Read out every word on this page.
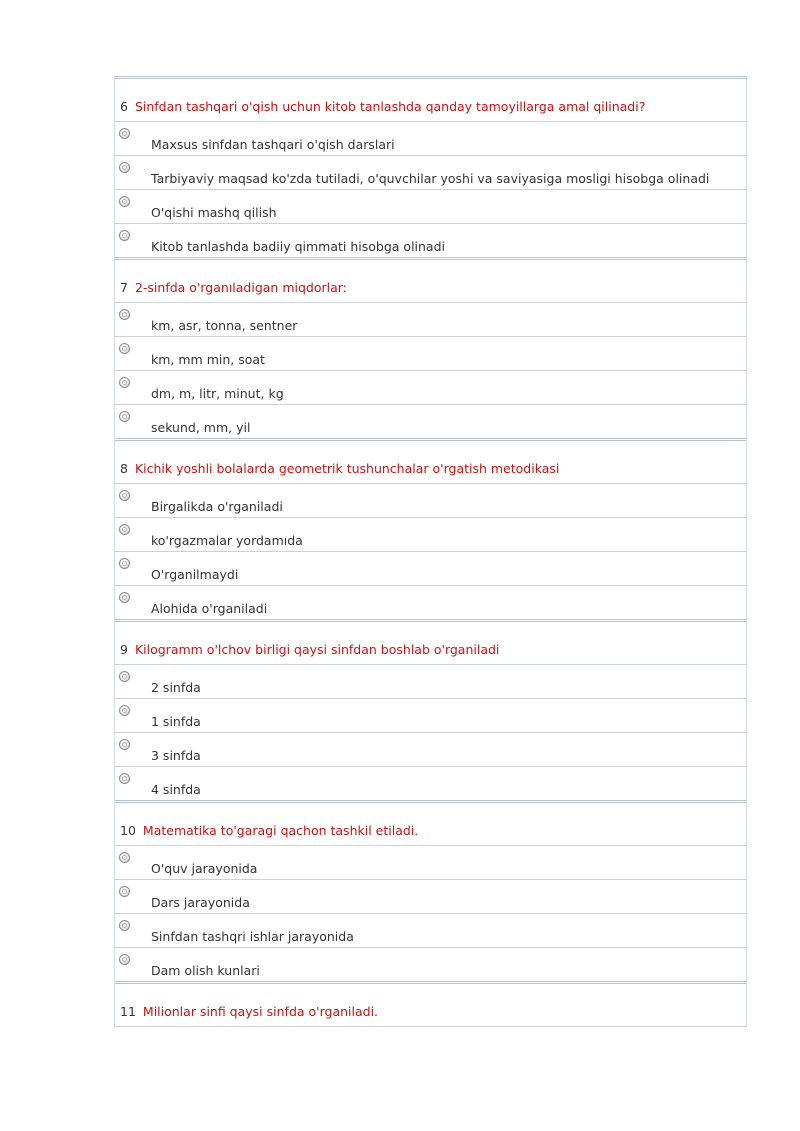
6 Sinfdan tashqari o'qish uchun kitob tanlashda qanday tamoyillarga amal qilinadi?
Maxsus sinfdan tashqari o'qish darslari
Tarbiyaviy maqsad ko'zda tutiladi, o'quvchilar yoshi va saviyasiga mosligi hisobga olinadi
O'qishi mashq qilish
Kitob tanlashda badiiy qimmati hisobga olinadi
7 2-sinfda o'rganıladigan miqdorlar:
km, asr, tonna, sentner
km, mm min, soat
dm, m, litr, minut, kg
sekund, mm, yil
8 Kichik yoshli bolalarda geometrik tushunchalar o'rgatish metodikasi
Birgalikda o'rganiladi
ko'rgazmalar yordamıda
O'rganilmaydi
Alohida o'rganiladi
9 Kilogramm o'lchov birligi qaysi sinfdan boshlab o'rganiladi
2 sinfda
1 sinfda
3 sinfda
4 sinfda
10 Matematika to'garagi qachon tashkil etiladi.
O'quv jarayonida
Dars jarayonida
Sinfdan tashqri ishlar jarayonida
Dam olish kunlari
11 Milionlar sinfi qaysi sinfda o'rganiladi.
